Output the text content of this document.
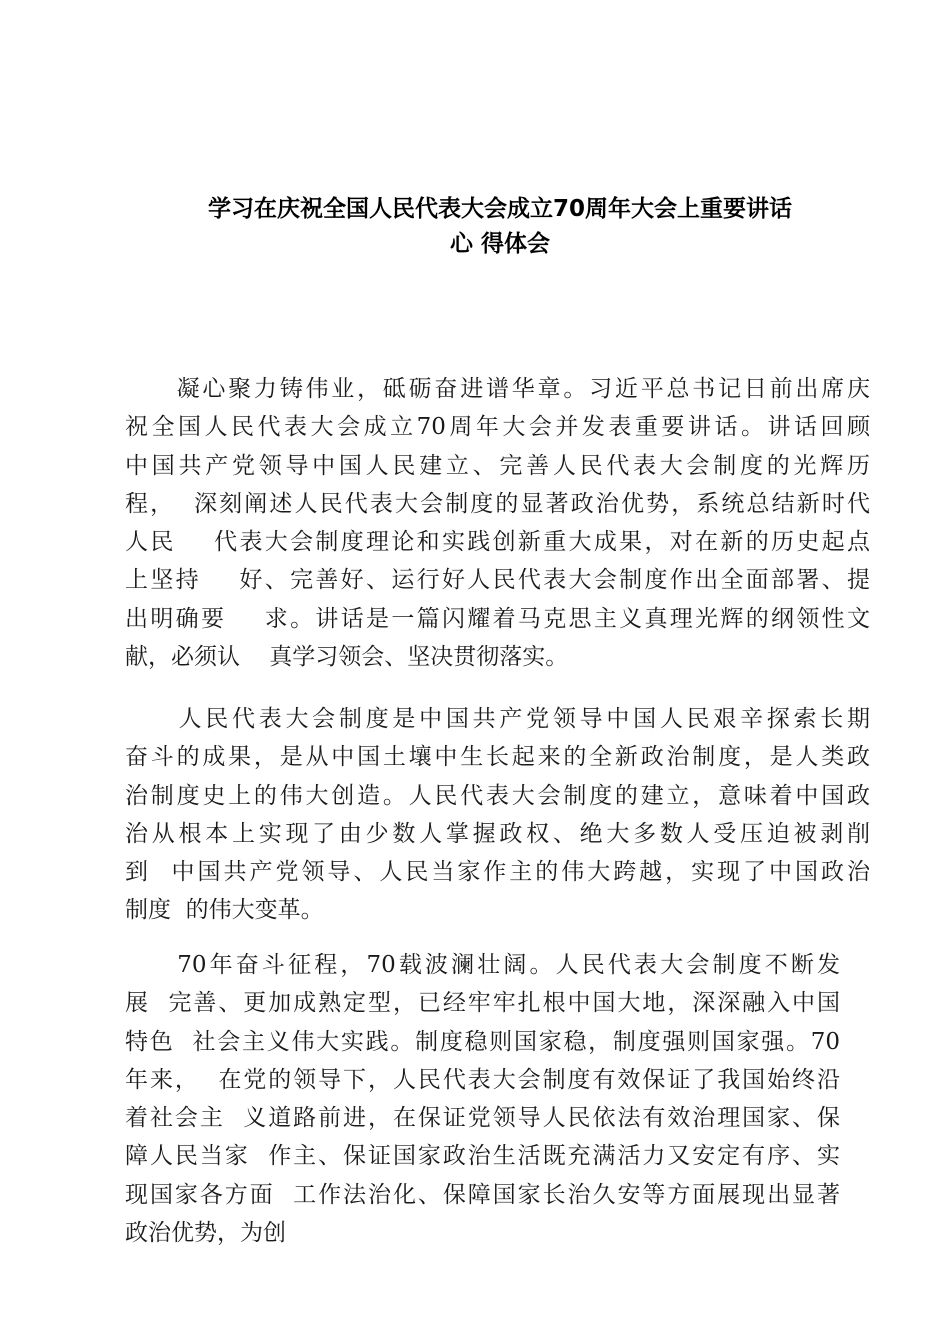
学习在庆祝全国人民代表大会成立70周年大会上重要讲话
心 得体会
　　凝心聚力铸伟业，砥砺奋进谱华章。习近平总书记日前出席庆
祝全国人民代表大会成立70周年大会并发表重要讲话。讲话回顾
中国共产党领导中国人民建立、完善人民代表大会制度的光辉历
程，  深刻阐述人民代表大会制度的显著政治优势，系统总结新时代
人民    代表大会制度理论和实践创新重大成果，对在新的历史起点
上坚持    好、完善好、运行好人民代表大会制度作出全面部署、提
出明确要    求。讲话是一篇闪耀着马克思主义真理光辉的纲领性文
献，必须认    真学习领会、坚决贯彻落实。
　　人民代表大会制度是中国共产党领导中国人民艰辛探索长期
奋斗的成果，是从中国土壤中生长起来的全新政治制度，是人类政
治制度史上的伟大创造。人民代表大会制度的建立，意味着中国政
治从根本上实现了由少数人掌握政权、绝大多数人受压迫被剥削
到  中国共产党领导、人民当家作主的伟大跨越，实现了中国政治
制度  的伟大变革。
　　70年奋斗征程，70载波澜壮阔。人民代表大会制度不断发
展  完善、更加成熟定型，已经牢牢扎根中国大地，深深融入中国
特色  社会主义伟大实践。制度稳则国家稳，制度强则国家强。70
年来，  在党的领导下，人民代表大会制度有效保证了我国始终沿
着社会主  义道路前进，在保证党领导人民依法有效治理国家、保
障人民当家  作主、保证国家政治生活既充满活力又安定有序、实
现国家各方面  工作法治化、保障国家长治久安等方面展现出显著
政治优势，为创
